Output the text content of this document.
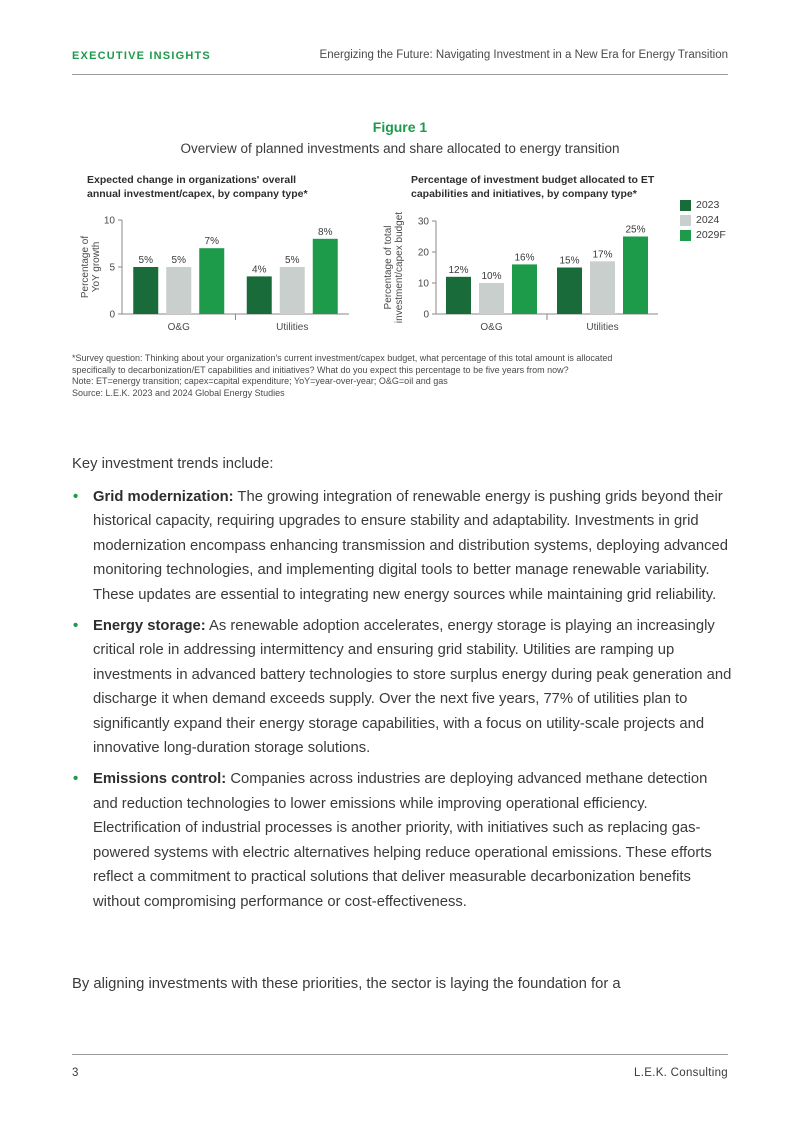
EXECUTIVE INSIGHTS	Energizing the Future: Navigating Investment in a New Era for Energy Transition
Figure 1
Overview of planned investments and share allocated to energy transition
Expected change in organizations' overall
annual investment/capex, by company type*
Percentage of investment budget allocated to ET
capabilities and initiatives, by company type*
Percentage ofYoY growth
0
5
10
O&G
5% 5%
7%
Utilities
4%
5%
8%	Percentage of totalinvestment/capex budget 0
10
20
30
O&G
12%
10%
16%
Utilities
15%
17%
25%
2023
2024
2029F
*Survey question: Thinking about your organization's current investment/capex budget, what percentage of this total amount is allocated
specifically to decarbonization/ET capabilities and initiatives? What do you expect this percentage to be five years from now?
Note: ET=energy transition; capex=capital expenditure; YoY=year-over-year; O&G=oil and gas
Source: L.E.K. 2023 and 2024 Global Energy Studies
Key investment trends include:
• Grid modernization: The growing integration of renewable energy is pushing grids beyond their historical capacity, requiring upgrades to ensure stability and adaptability. Investments in grid modernization encompass enhancing transmission and distribution systems, deploying advanced monitoring technologies, and implementing digital tools to better manage renewable variability. These updates are essential to integrating new energy sources while maintaining grid reliability.
• Energy storage: As renewable adoption accelerates, energy storage is playing an increasingly critical role in addressing intermittency and ensuring grid stability. Utilities are ramping up investments in advanced battery technologies to store surplus energy during peak generation and discharge it when demand exceeds supply. Over the next five years, 77% of utilities plan to significantly expand their energy storage capabilities, with a focus on utility-scale projects and innovative long-duration storage solutions.
• Emissions control: Companies across industries are deploying advanced methane detection and reduction technologies to lower emissions while improving operational efficiency. Electrification of industrial processes is another priority, with initiatives such as replacing gas-powered systems with electric alternatives helping reduce operational emissions. These efforts reflect a commitment to practical solutions that deliver measurable decarbonization benefits without compromising performance or cost-effectiveness.
By aligning investments with these priorities, the sector is laying the foundation for a
3	L.E.K. Consulting
